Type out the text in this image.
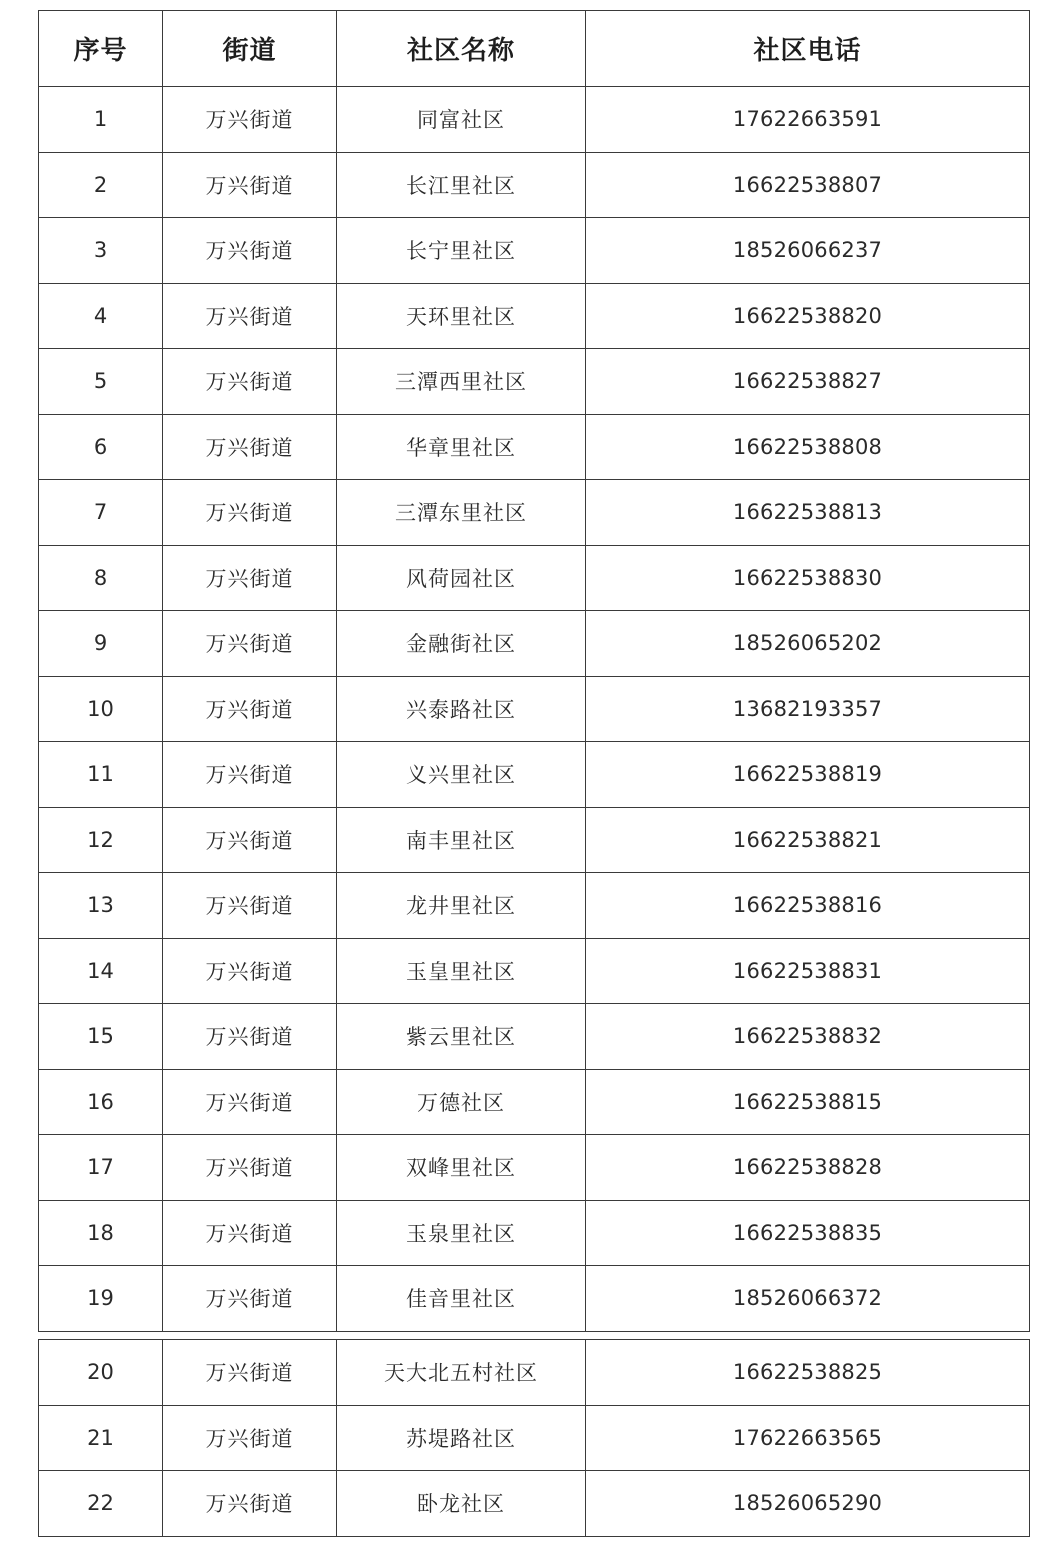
序号	街道	社区名称	社区电话
1	万兴街道	同富社区	17622663591
2	万兴街道	长江里社区	16622538807
3	万兴街道	长宁里社区	18526066237
4	万兴街道	天环里社区	16622538820
5	万兴街道	三潭西里社区	16622538827
6	万兴街道	华章里社区	16622538808
7	万兴街道	三潭东里社区	16622538813
8	万兴街道	风荷园社区	16622538830
9	万兴街道	金融街社区	18526065202
10	万兴街道	兴泰路社区	13682193357
11	万兴街道	义兴里社区	16622538819
12	万兴街道	南丰里社区	16622538821
13	万兴街道	龙井里社区	16622538816
14	万兴街道	玉皇里社区	16622538831
15	万兴街道	紫云里社区	16622538832
16	万兴街道	万德社区	16622538815
17	万兴街道	双峰里社区	16622538828
18	万兴街道	玉泉里社区	16622538835
19	万兴街道	佳音里社区	18526066372
20	万兴街道	天大北五村社区	16622538825
21	万兴街道	苏堤路社区	17622663565
22	万兴街道	卧龙社区	18526065290
